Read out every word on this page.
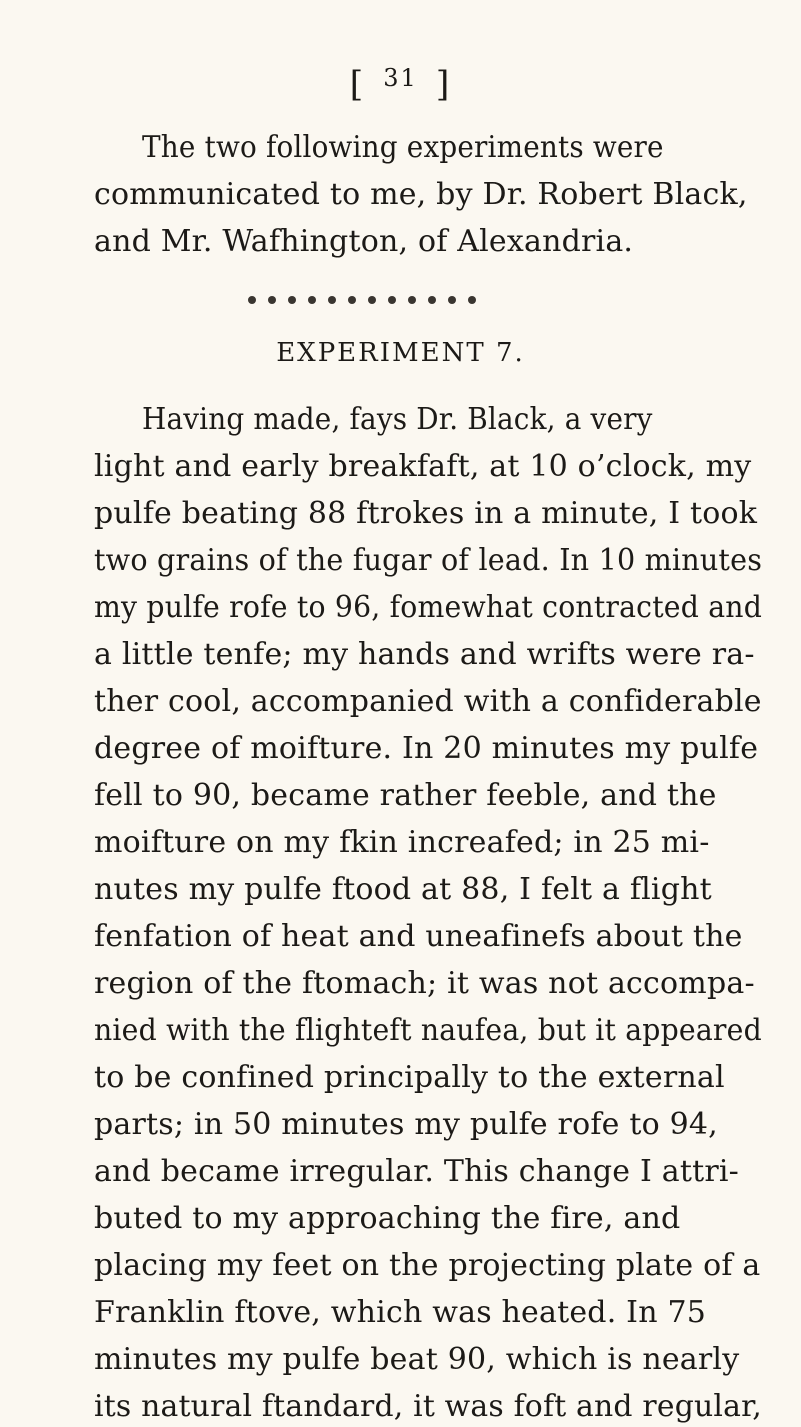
[ $^{31}$ ]
The two following experiments were
communicated to me, by Dr. Robert Black,
and Mr. Wafhington, of Alexandria.
EXPERIMENT 7.
Having made, fays Dr. Black, a very
light and early breakfaft, at 10 o’clock, my
pulfe beating 88 ftrokes in a minute, I took
two grains of the fugar of lead. In 10 minutes
my pulfe rofe to 96, fomewhat contracted and
a little tenfe; my hands and wrifts were ra-
ther cool, accompanied with a confiderable
degree of moifture. In 20 minutes my pulfe
fell to 90, became rather feeble, and the
moifture on my fkin increafed; in 25 mi-
nutes my pulfe ftood at 88, I felt a flight
fenfation of heat and uneafinefs about the
region of the ftomach; it was not accompa-
nied with the flighteft naufea, but it appeared
to be confined principally to the external
parts; in 50 minutes my pulfe rofe to 94,
and became irregular. This change I attri-
buted to my approaching the fire, and
placing my feet on the projecting plate of a
Franklin ftove, which was heated. In 75
minutes my pulfe beat 90, which is nearly
its natural ftandard, it was foft and regular,
